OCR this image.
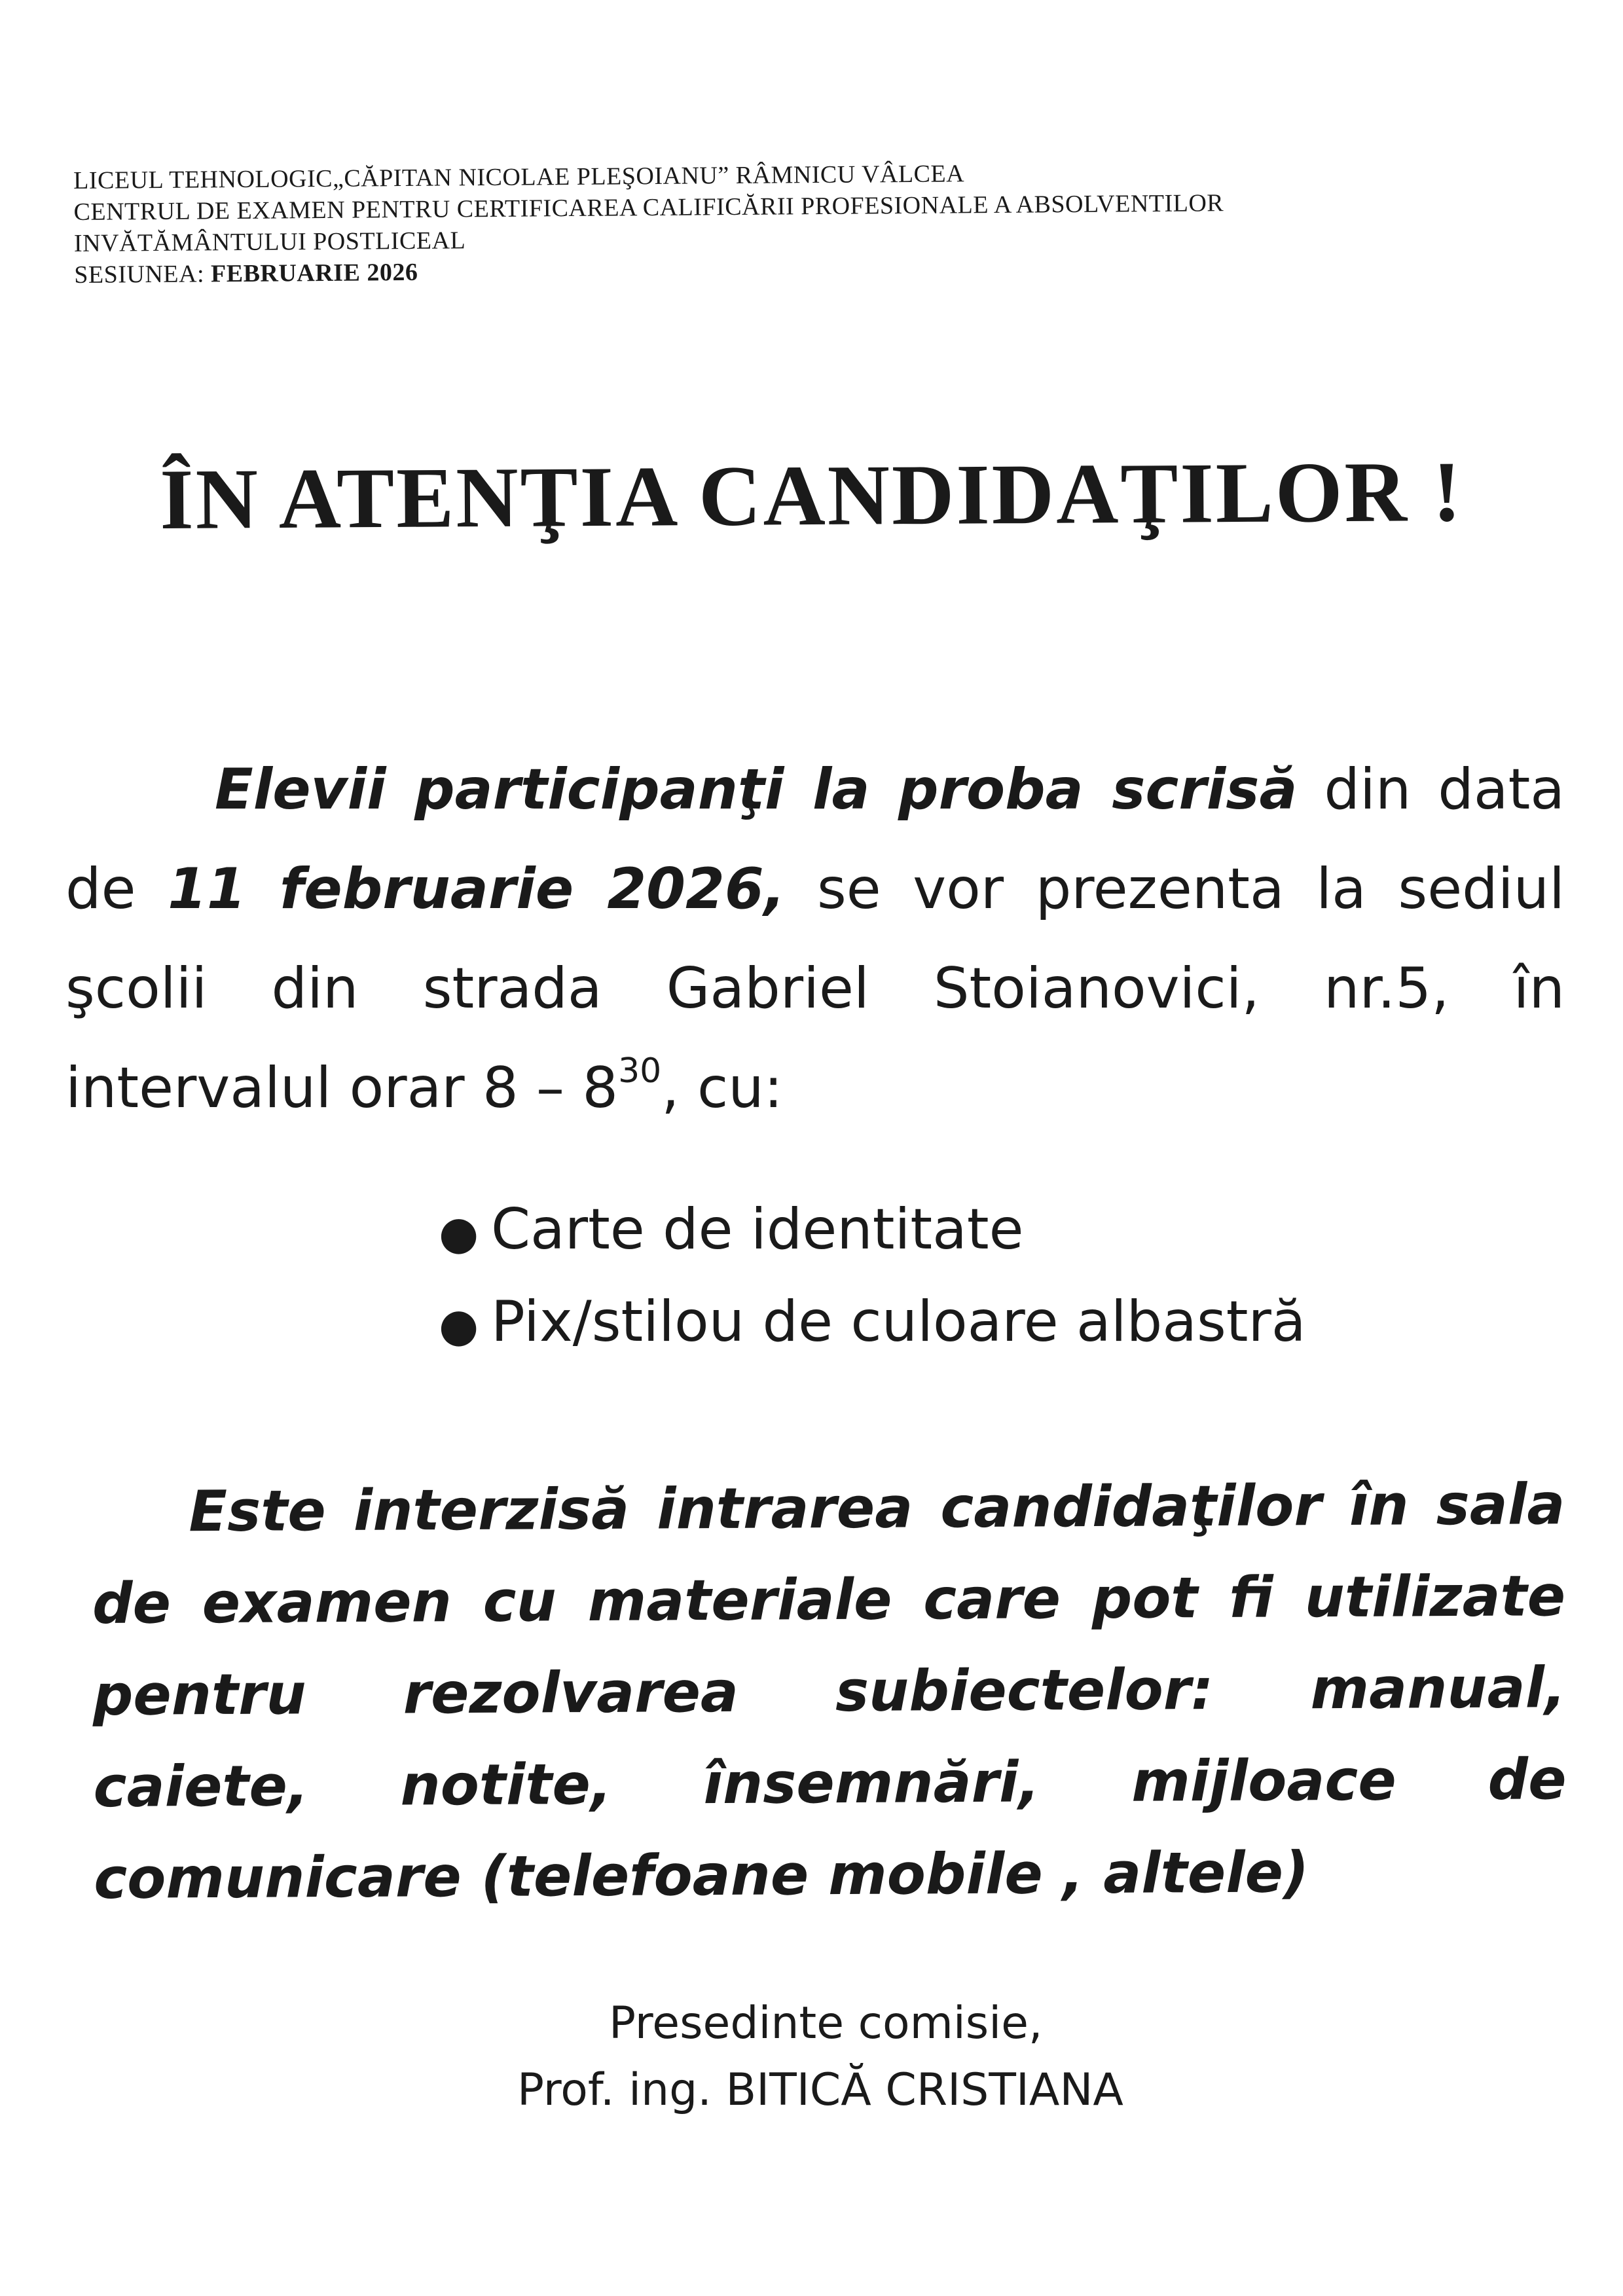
LICEUL TEHNOLOGIC„CĂPITAN NICOLAE PLEŞOIANU” RÂMNICU VÂLCEA
CENTRUL DE EXAMEN PENTRU CERTIFICAREA CALIFICĂRII PROFESIONALE A ABSOLVENTILOR
INVĂTĂMÂNTULUI POSTLICEAL
SESIUNEA: FEBRUARIE 2026
ÎN ATENŢIA CANDIDAŢILOR !
Elevii participanţi la proba scrisă din data de 11 februarie 2026, se vor prezenta la sediul şcolii din strada Gabriel Stoianovici, nr.5, în intervalul orar $8 - 8^{30}$, cu:
● Carte de identitate
● Pix/stilou de culoare albastră
Este interzisă intrarea candidaţilor în sala de examen cu materiale care pot fi utilizate pentru rezolvarea subiectelor: manual, caiete, notite, însemnări, mijloace de comunicare (telefoane mobile , altele)
Presedinte comisie,
Prof. ing. BITICĂ CRISTIANA
